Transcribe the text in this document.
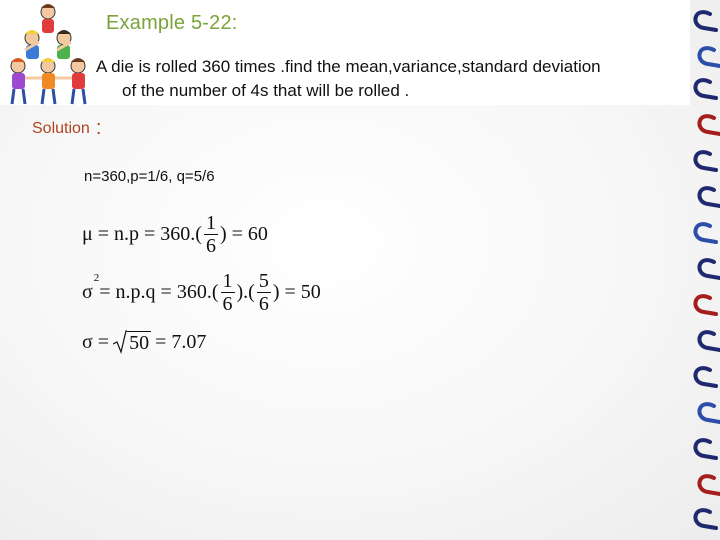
Example 5-22:
A die is rolled 360 times .find the mean,variance,standard deviation
of the number of 4s that will be rolled .
Solution :
n=360,p=1/6, q=5/6
$\mu = n.p = 360.( \frac{1}{6}$ ) = 60
$\sigma^2$
= $n.p.q = 360.( \frac{1}{6}$ ).( $\frac{5}{6}$ ) = 50
σ = 50 = 7.07
